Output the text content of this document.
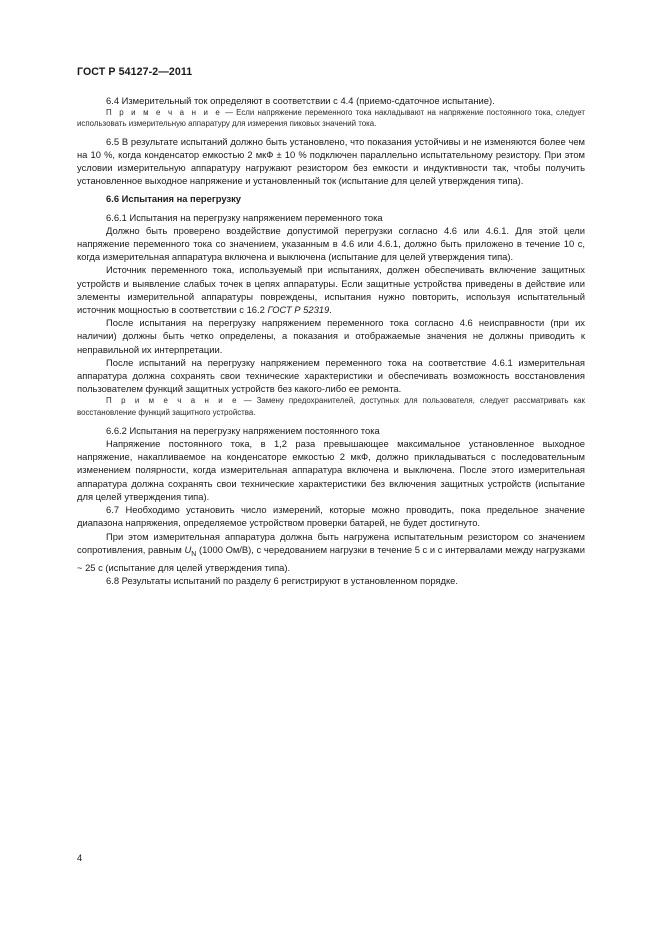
ГОСТ Р 54127-2—2011

6.4 Измерительный ток определяют в соответствии с 4.4 (приемо-сдаточное испытание).

П р и м е ч а н и е — Если напряжение переменного тока накладывают на напряжение постоянного тока, следует использовать измерительную аппаратуру для измерения пиковых значений тока.

6.5 В результате испытаний должно быть установлено, что показания устойчивы и не изменяются более чем на 10 %, когда конденсатор емкостью 2 мкФ ± 10 % подключен параллельно испытательному резистору. При этом условии измерительную аппаратуру нагружают резистором без емкости и индуктивности так, чтобы получить установленное выходное напряжение и установленный ток (испытание для целей утверждения типа).

6.6 Испытания на перегрузку

6.6.1 Испытания на перегрузку напряжением переменного тока

Должно быть проверено воздействие допустимой перегрузки согласно 4.6 или 4.6.1. Для этой цели напряжение переменного тока со значением, указанным в 4.6 или 4.6.1, должно быть приложено в течение 10 с, когда измерительная аппаратура включена и выключена (испытание для целей утверждения типа).

Источник переменного тока, используемый при испытаниях, должен обеспечивать включение защитных устройств и выявление слабых точек в цепях аппаратуры. Если защитные устройства приведены в действие или элементы измерительной аппаратуры повреждены, испытания нужно повторить, используя испытательный источник мощностью в соответствии с 16.2 ГОСТ Р 52319.

После испытания на перегрузку напряжением переменного тока согласно 4.6 неисправности (при их наличии) должны быть четко определены, а показания и отображаемые значения не должны приводить к неправильной их интерпретации.

После испытаний на перегрузку напряжением переменного тока на соответствие 4.6.1 измерительная аппаратура должна сохранять свои технические характеристики и обеспечивать возможность восстановления пользователем функций защитных устройств без какого-либо ее ремонта.

П р и м е ч а н и е — Замену предохранителей, доступных для пользователя, следует рассматривать как восстановление функций защитного устройства.

6.6.2 Испытания на перегрузку напряжением постоянного тока

Напряжение постоянного тока, в 1,2 раза превышающее максимальное установленное выходное напряжение, накапливаемое на конденсаторе емкостью 2 мкФ, должно прикладываться с последовательным изменением полярности, когда измерительная аппаратура включена и выключена. После этого измерительная аппаратура должна сохранять свои технические характеристики без включения защитных устройств (испытание для целей утверждения типа).

6.7 Необходимо установить число измерений, которые можно проводить, пока предельное значение диапазона напряжения, определяемое устройством проверки батарей, не будет достигнуто.

При этом измерительная аппаратура должна быть нагружена испытательным резистором со значением сопротивления, равным $U_N$ (1000 Ом/В), с чередованием нагрузки в течение 5 с и с интервалами между нагрузками ~ 25 с (испытание для целей утверждения типа).

6.8 Результаты испытаний по разделу 6 регистрируют в установленном порядке.

4
